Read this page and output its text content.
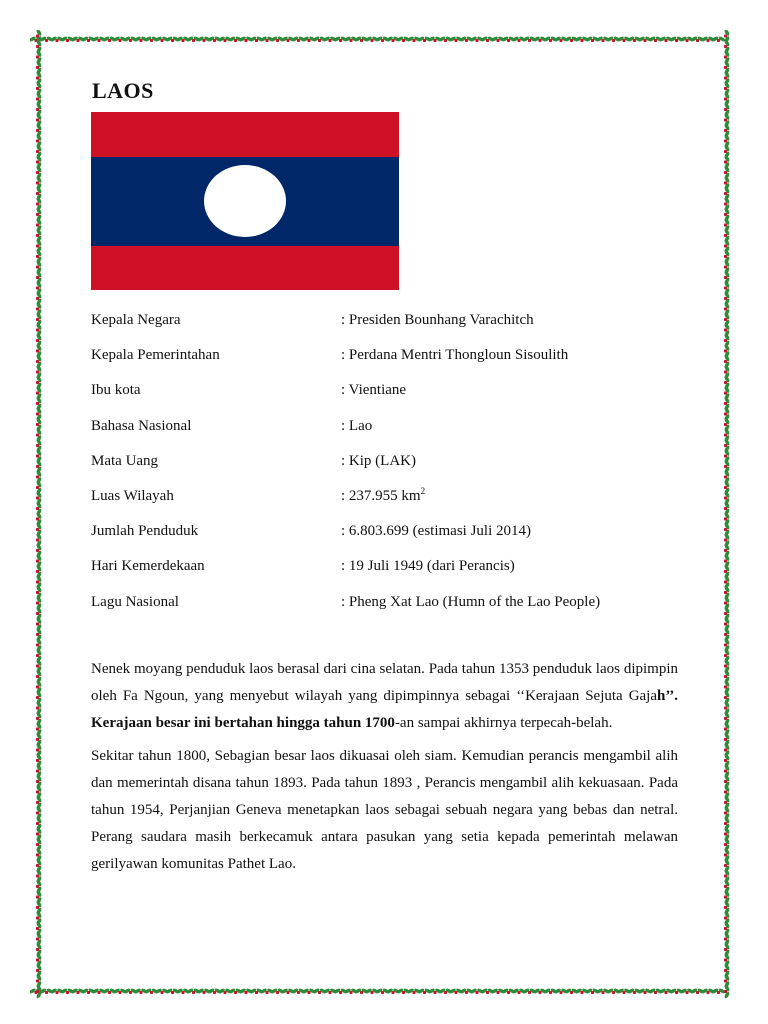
LAOS
Kepala Negara	: Presiden Bounhang Varachitch
Kepala Pemerintahan	: Perdana Mentri Thongloun Sisoulith
Ibu kota	: Vientiane
Bahasa Nasional	: Lao
Mata Uang	: Kip (LAK)
Luas Wilayah	: 237.955 $km^2$
Jumlah Penduduk	: 6.803.699 (estimasi Juli 2014)
Hari Kemerdekaan	: 19 Juli 1949 (dari Perancis)
Lagu Nasional	: Pheng Xat Lao (Humn of the Lao People)

Nenek moyang penduduk laos berasal dari cina selatan. Pada tahun 1353 penduduk laos dipimpin oleh Fa Ngoun, yang menyebut wilayah yang dipimpinnya sebagai ‘‘Kerajaan Sejuta Gajah’’. Kerajaan besar ini bertahan hingga tahun 1700-an sampai akhirnya terpecah-belah.

Sekitar tahun 1800, Sebagian besar laos dikuasai oleh siam. Kemudian perancis mengambil alih dan memerintah disana tahun 1893. Pada tahun 1893 , Perancis mengambil alih kekuasaan. Pada tahun 1954, Perjanjian Geneva menetapkan laos sebagai sebuah negara yang bebas dan netral. Perang saudara masih berkecamuk antara pasukan yang setia kepada pemerintah melawan gerilyawan komunitas Pathet Lao.
